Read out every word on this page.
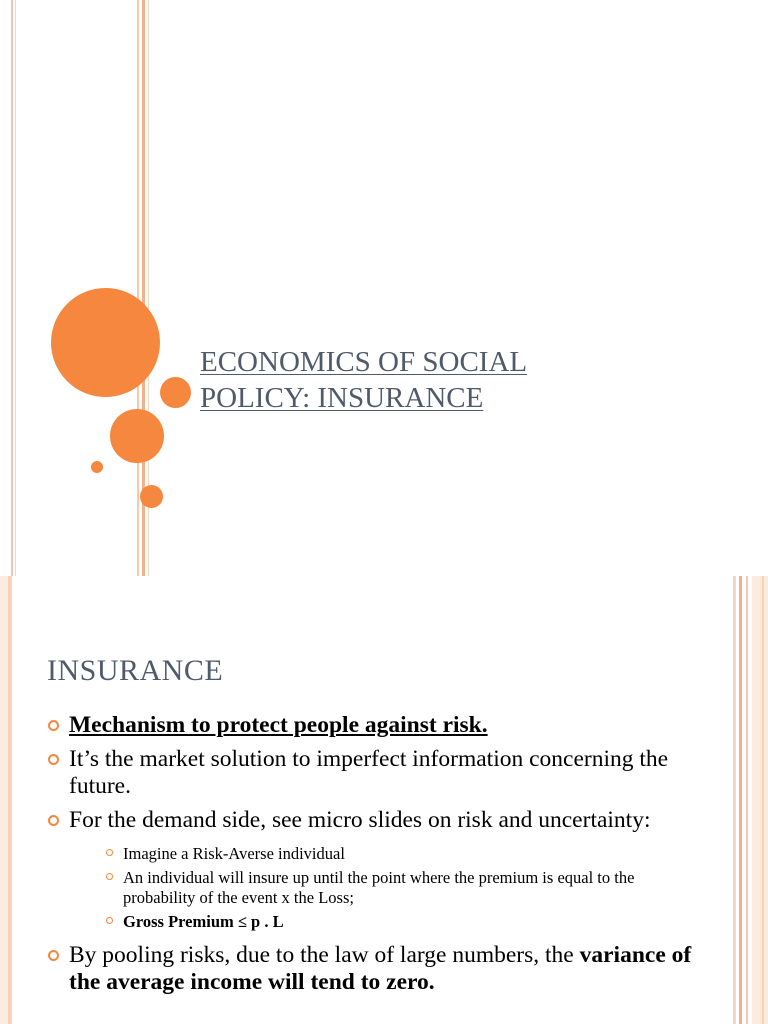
ECONOMICS OF SOCIAL
POLICY: INSURANCE
INSURANCE
Mechanism to protect people against risk.
It’s the market solution to imperfect information concerning the future.
For the demand side, see micro slides on risk and uncertainty:
Imagine a Risk-Averse individual
An individual will insure up until the point where the premium is equal to the probability of the event x the Loss;
Gross Premium ≤ p . L
By pooling risks, due to the law of large numbers, the variance of the average income will tend to zero.
